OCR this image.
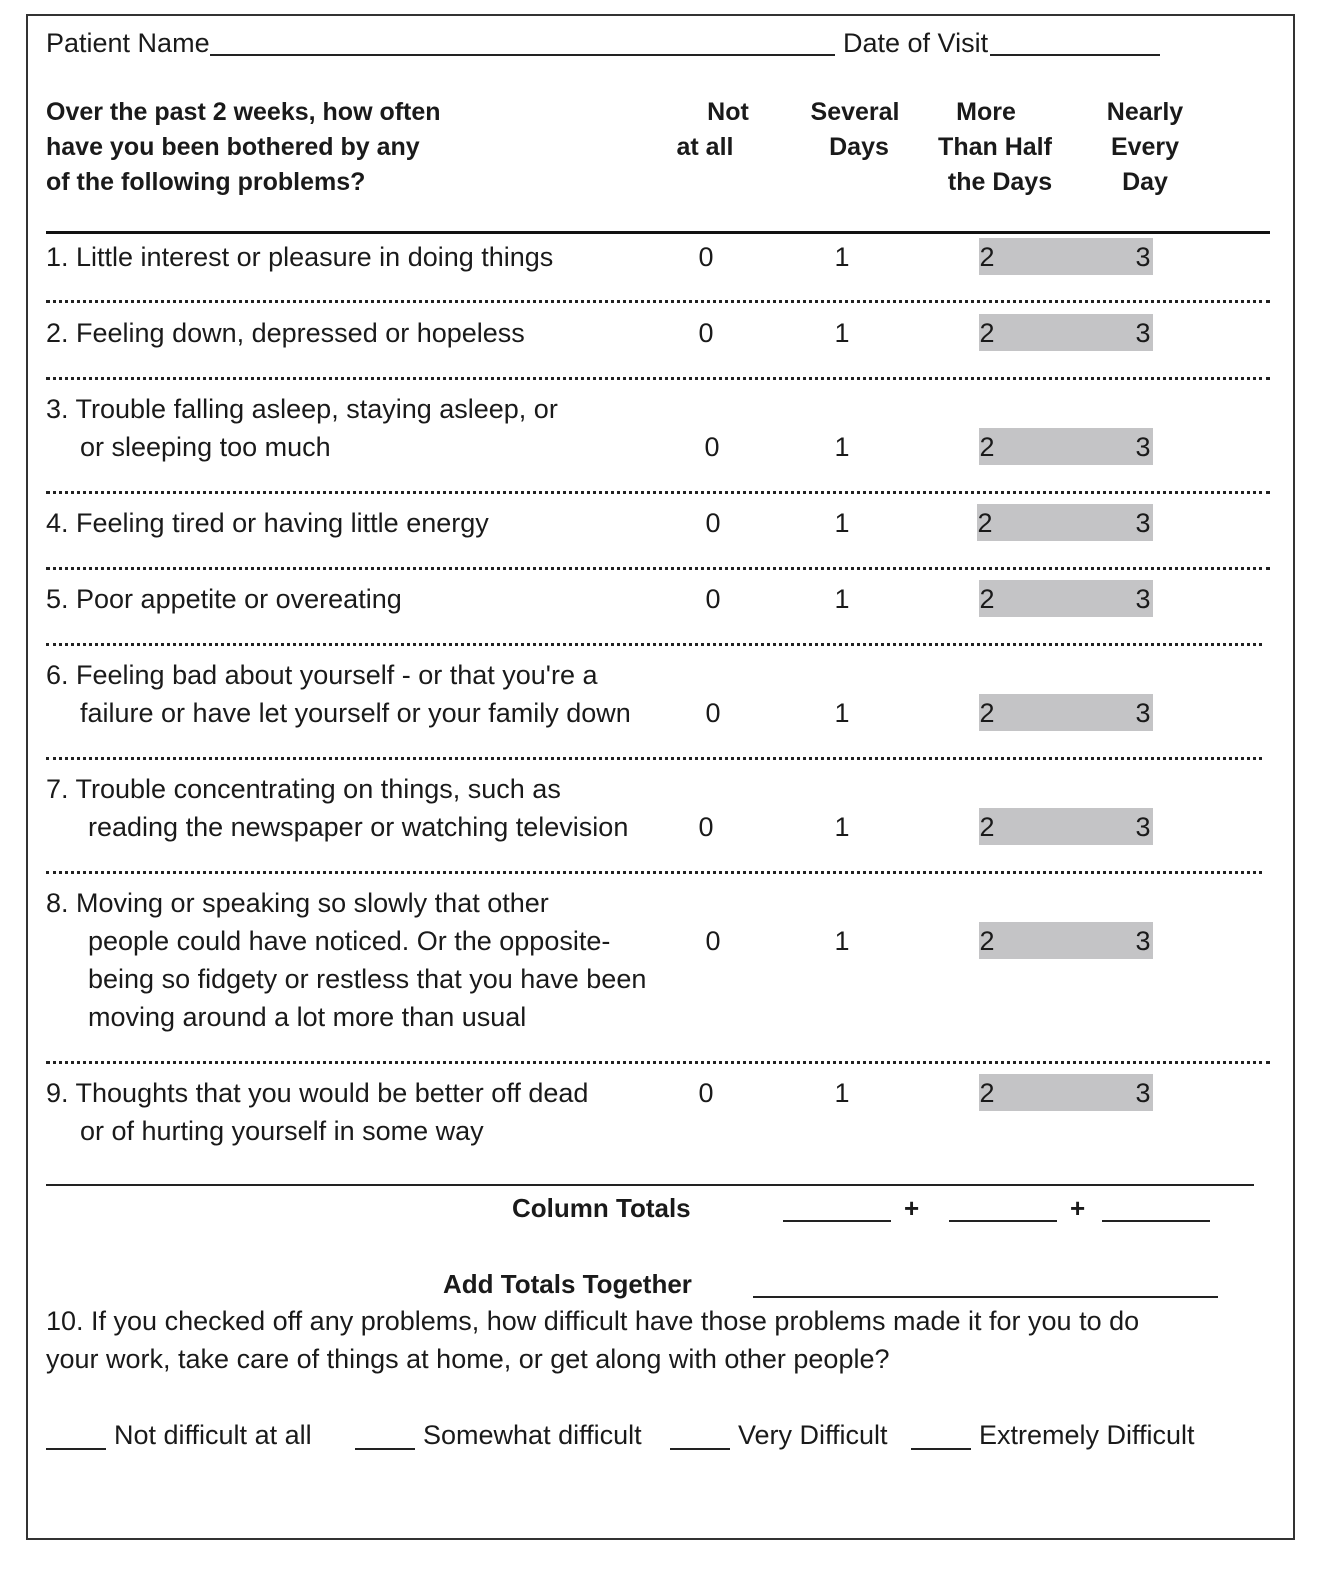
Patient Name	Date of Visit
Over the past 2 weeks, how often
have you been bothered by any
of the following problems?
Not
at all
Several
Days
More
Than Half
the Days
Nearly
Every
Day
1. Little interest or pleasure in doing things	0	1	2	3
2. Feeling down, depressed or hopeless	0	1	2	3
3. Trouble falling asleep, staying asleep, or
or sleeping too much	0	1	2	3
4. Feeling tired or having little energy	0	1	2	3
5. Poor appetite or overeating	0	1	2	3
6. Feeling bad about yourself - or that you're a
failure or have let yourself or your family down	0	1	2	3
7. Trouble concentrating on things, such as
reading the newspaper or watching television	0	1	2	3
8. Moving or speaking so slowly that other
people could have noticed. Or the opposite-
being so fidgety or restless that you have been
moving around a lot more than usual
0	1	2	3
9. Thoughts that you would be better off dead
or of hurting yourself in some way
0	1	2	3
Column Totals	+	+
Add Totals Together
10. If you checked off any problems, how difficult have those problems made it for you to do
your work, take care of things at home, or get along with other people?
Not difficult at all	Somewhat difficult	Very Difficult	Extremely Difficult
